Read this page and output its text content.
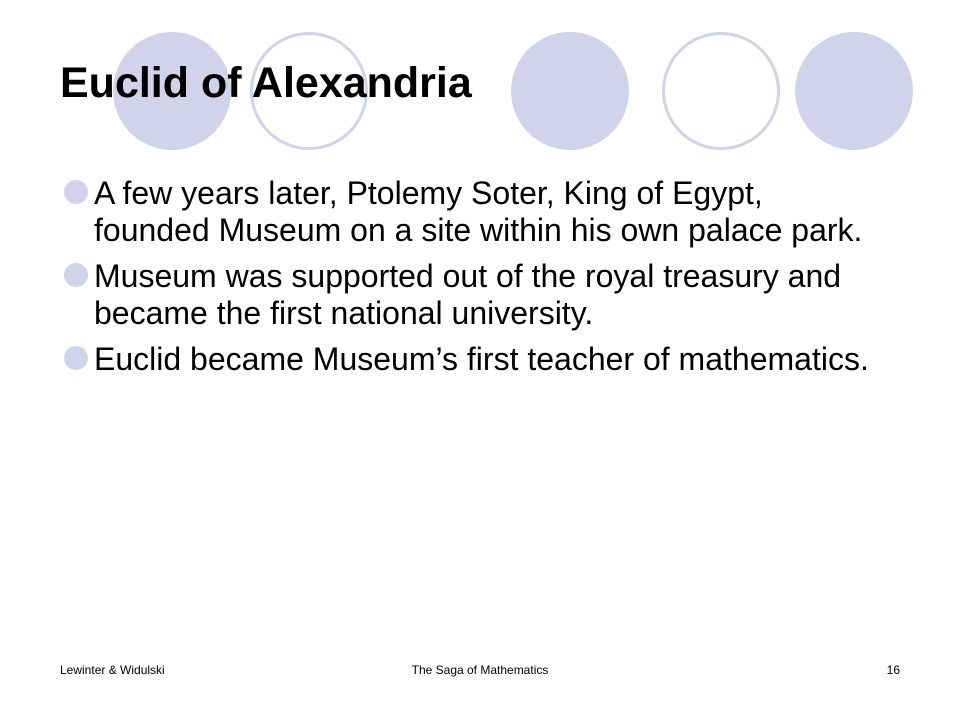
Euclid of Alexandria
A few years later, Ptolemy Soter, King of Egypt, founded Museum on a site within his own palace park.
Museum was supported out of the royal treasury and became the first national university.
Euclid became Museum’s first teacher of mathematics.
Lewinter & Widulski	The Saga of Mathematics	16
